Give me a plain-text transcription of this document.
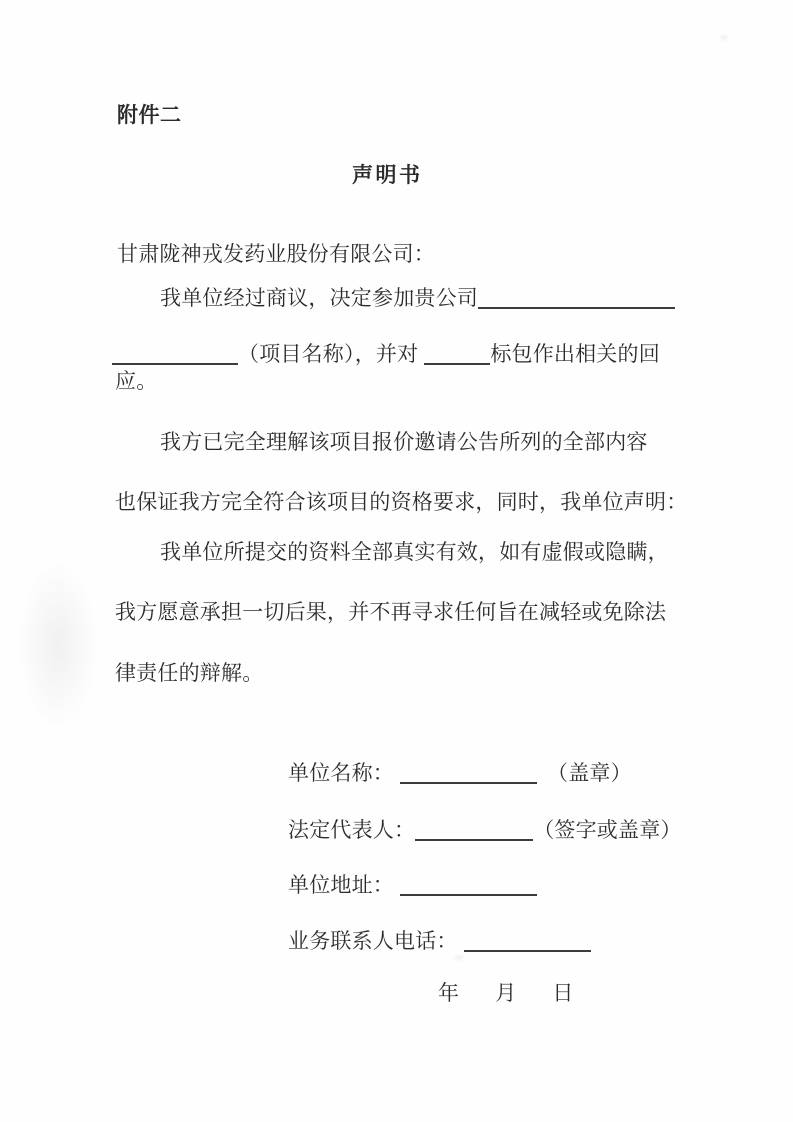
附件二
声明书
甘肃陇神戎发药业股份有限公司：
我单位经过商议，决定参加贵公司
（项目名称），并对	标包作出相关的回
应。
我方已完全理解该项目报价邀请公告所列的全部内容
也保证我方完全符合该项目的资格要求，同时，我单位声明：
我单位所提交的资料全部真实有效，如有虚假或隐瞒，
我方愿意承担一切后果，并不再寻求任何旨在减轻或免除法
律责任的辩解。
单位名称：	（盖章）
法定代表人：	（签字或盖章）
单位地址：
业务联系人电话：
年 月 日
